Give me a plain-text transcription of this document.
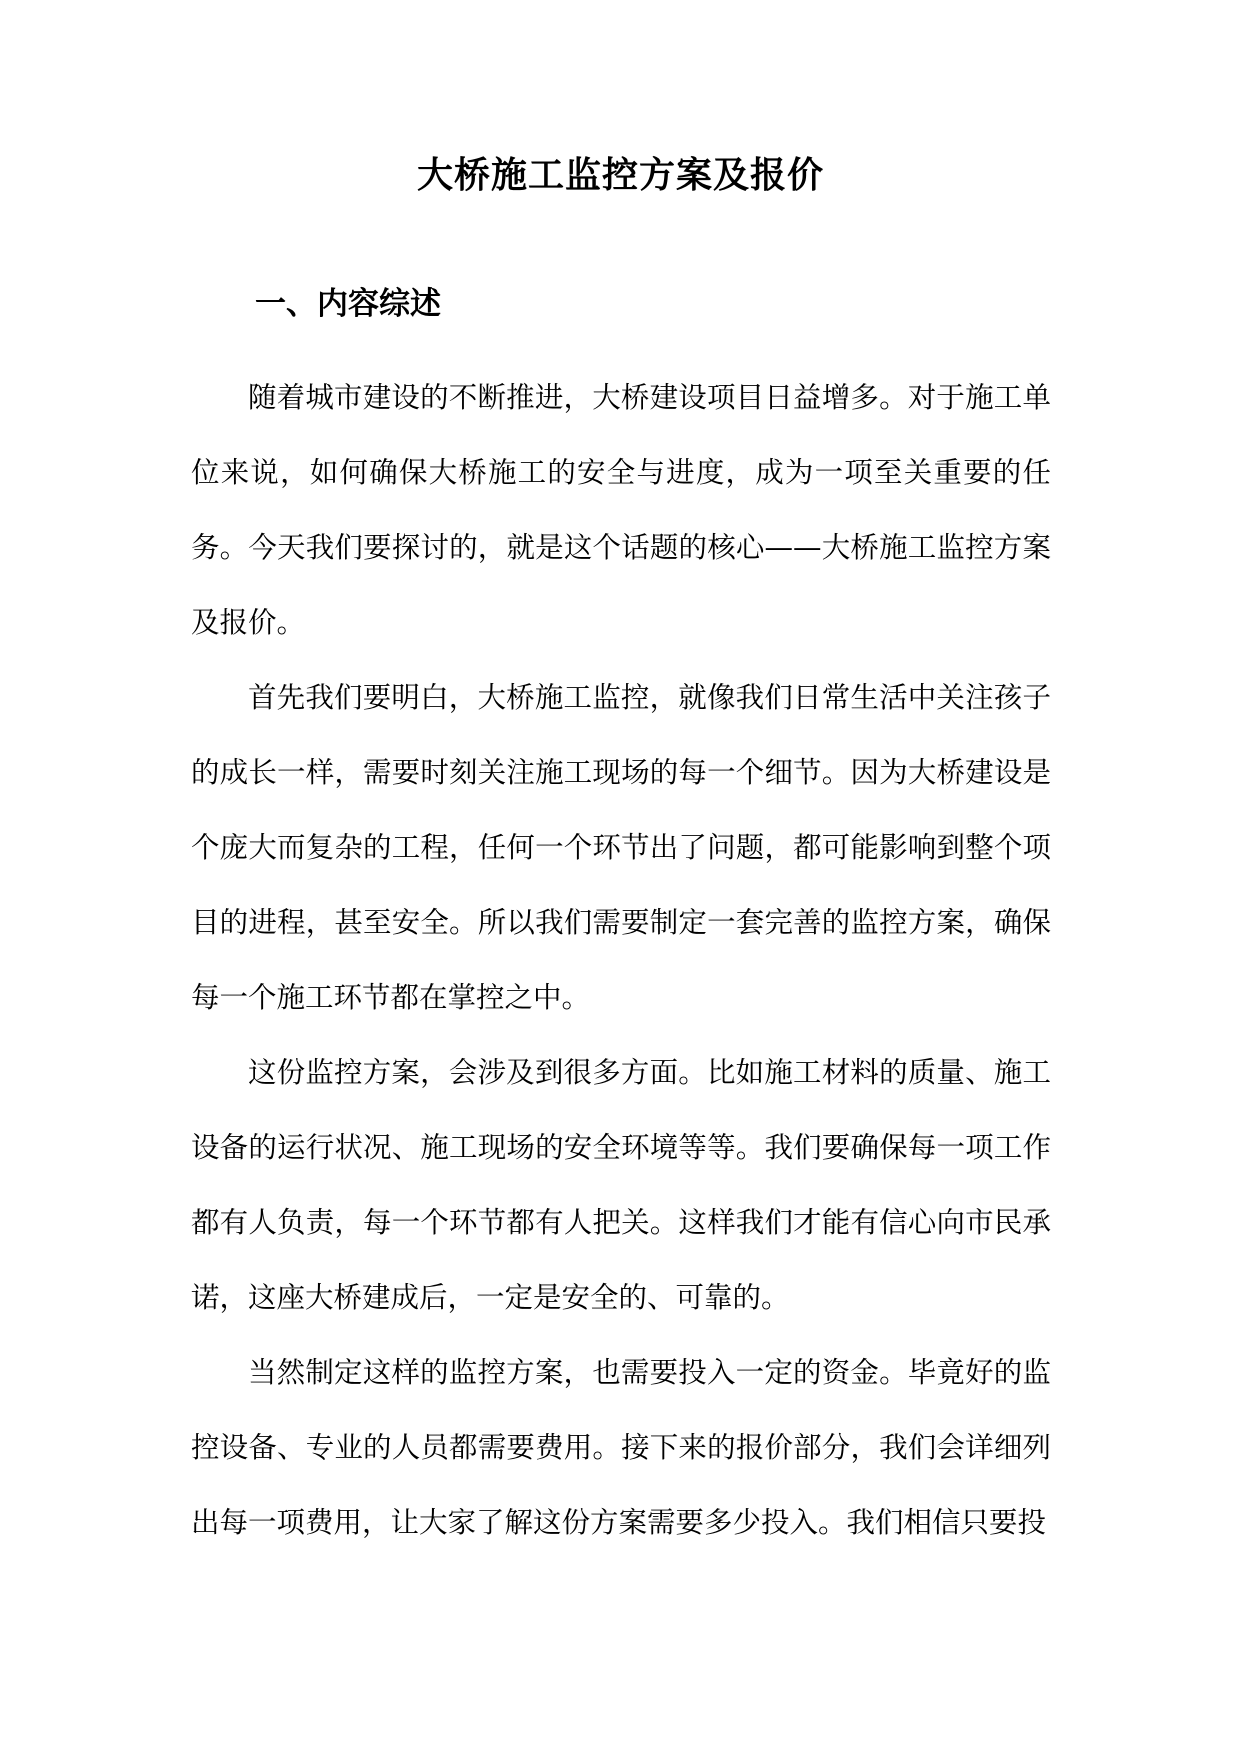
大桥施工监控方案及报价
一、内容综述

随着城市建设的不断推进，大桥建设项目日益增多。对于施工单位来说，如何确保大桥施工的安全与进度，成为一项至关重要的任务。今天我们要探讨的，就是这个话题的核心——大桥施工监控方案及报价。

首先我们要明白，大桥施工监控，就像我们日常生活中关注孩子的成长一样，需要时刻关注施工现场的每一个细节。因为大桥建设是个庞大而复杂的工程，任何一个环节出了问题，都可能影响到整个项目的进程，甚至安全。所以我们需要制定一套完善的监控方案，确保每一个施工环节都在掌控之中。

这份监控方案，会涉及到很多方面。比如施工材料的质量、施工设备的运行状况、施工现场的安全环境等等。我们要确保每一项工作都有人负责，每一个环节都有人把关。这样我们才能有信心向市民承诺，这座大桥建成后，一定是安全的、可靠的。

当然制定这样的监控方案，也需要投入一定的资金。毕竟好的监控设备、专业的人员都需要费用。接下来的报价部分，我们会详细列出每一项费用，让大家了解这份方案需要多少投入。我们相信只要投
